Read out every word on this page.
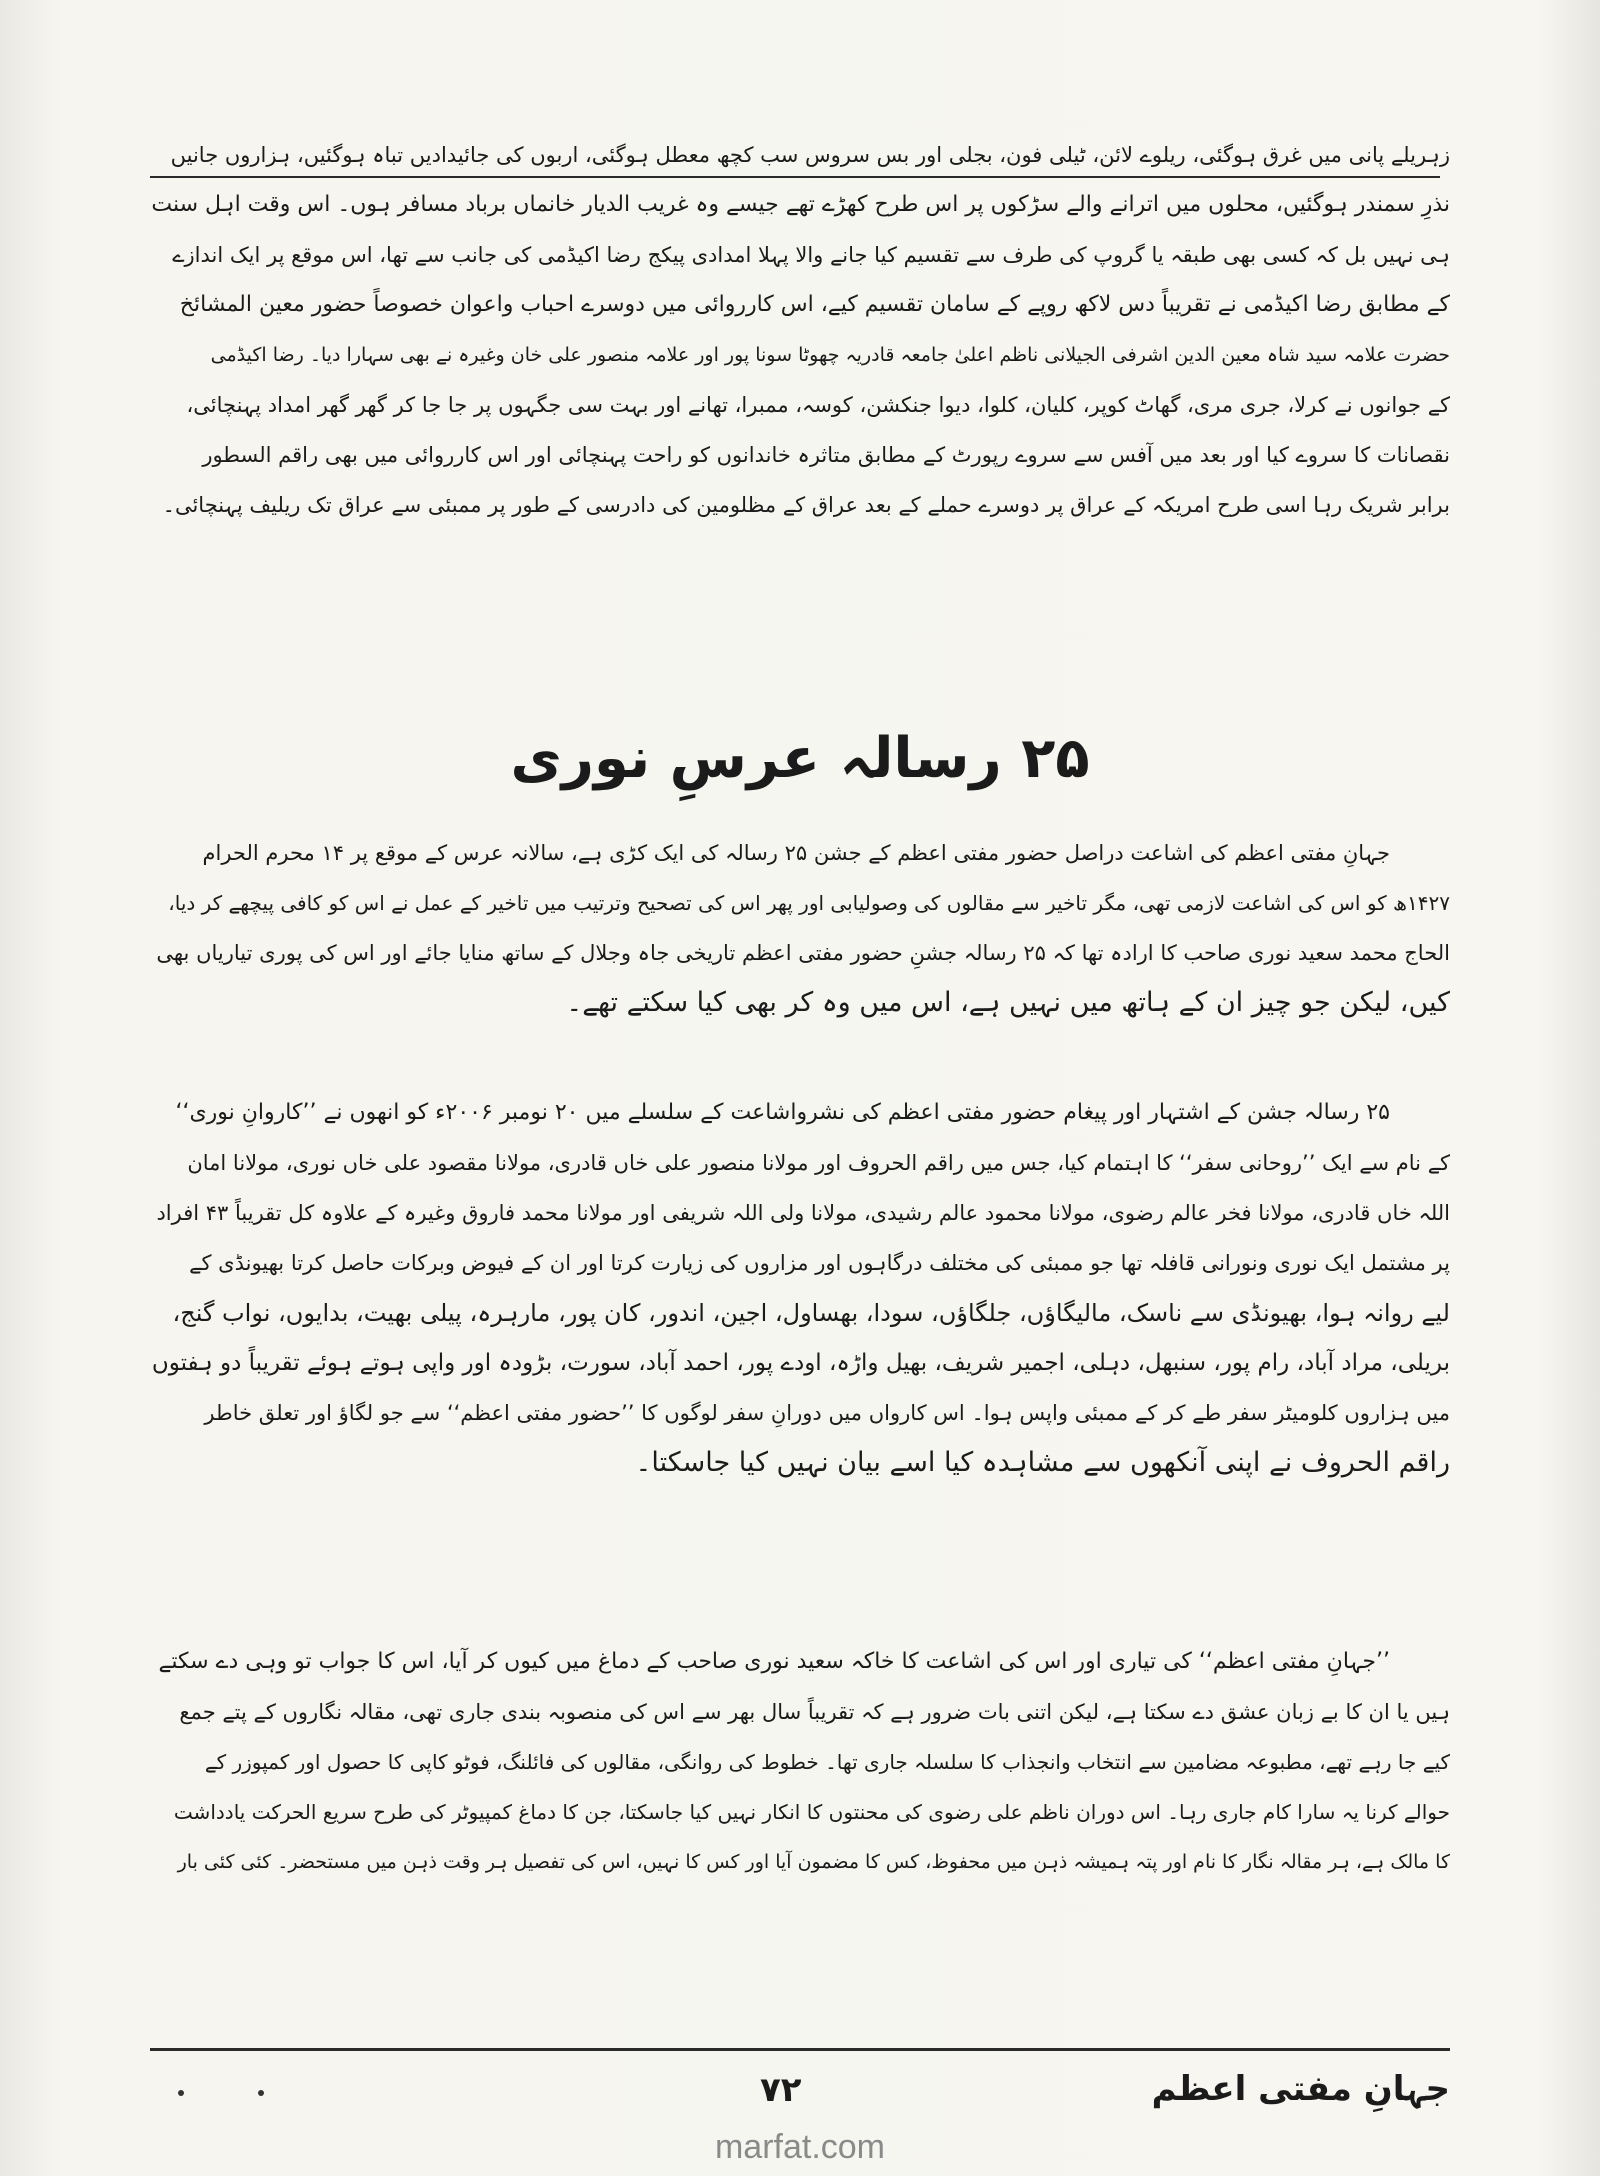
زہریلے پانی میں غرق ہوگئی، ریلوے لائن، ٹیلی فون، بجلی اور بس سروس سب کچھ معطل ہوگئی، اربوں کی جائیدادیں تباہ ہوگئیں، ہزاروں جانیں
نذرِ سمندر ہوگئیں، محلوں میں اترانے والے سڑکوں پر اس طرح کھڑے تھے جیسے وہ غریب الدیار خانماں برباد مسافر ہوں۔ اس وقت اہل سنت
ہی نہیں بل کہ کسی بھی طبقہ یا گروپ کی طرف سے تقسیم کیا جانے والا پہلا امدادی پیکج رضا اکیڈمی کی جانب سے تھا، اس موقع پر ایک اندازے
کے مطابق رضا اکیڈمی نے تقریباً دس لاکھ روپے کے سامان تقسیم کیے، اس کارروائی میں دوسرے احباب واعوان خصوصاً حضور معین المشائخ
حضرت علامہ سید شاہ معین الدین اشرفی الجیلانی ناظم اعلیٰ جامعہ قادریہ چھوٹا سونا پور اور علامہ منصور علی خان وغیرہ نے بھی سہارا دیا۔ رضا اکیڈمی
کے جوانوں نے کرلا، جری مری، گھاٹ کوپر، کلیان، کلوا، دیوا جنکشن، کوسہ، ممبرا، تھانے اور بہت سی جگہوں پر جا جا کر گھر گھر امداد پہنچائی،
نقصانات کا سروے کیا اور بعد میں آفس سے سروے رپورٹ کے مطابق متاثرہ خاندانوں کو راحت پہنچائی اور اس کارروائی میں بھی راقم السطور
برابر شریک رہا اسی طرح امریکہ کے عراق پر دوسرے حملے کے بعد عراق کے مظلومین کی دادرسی کے طور پر ممبئی سے عراق تک ریلیف پہنچائی۔
۲۵ رسالہ عرسِ نوری
جہانِ مفتی اعظم کی اشاعت دراصل حضور مفتی اعظم کے جشن ۲۵ رسالہ کی ایک کڑی ہے، سالانہ عرس کے موقع پر ۱۴ محرم الحرام
۱۴۲۷ھ کو اس کی اشاعت لازمی تھی، مگر تاخیر سے مقالوں کی وصولیابی اور پھر اس کی تصحیح وترتیب میں تاخیر کے عمل نے اس کو کافی پیچھے کر دیا،
الحاج محمد سعید نوری صاحب کا ارادہ تھا کہ ۲۵ رسالہ جشنِ حضور مفتی اعظم تاریخی جاہ وجلال کے ساتھ منایا جائے اور اس کی پوری تیاریاں بھی
کیں، لیکن جو چیز ان کے ہاتھ میں نہیں ہے، اس میں وہ کر بھی کیا سکتے تھے۔
۲۵ رسالہ جشن کے اشتہار اور پیغام حضور مفتی اعظم کی نشرواشاعت کے سلسلے میں ۲۰ نومبر ۲۰۰۶ء کو انھوں نے ’’کاروانِ نوری‘‘
کے نام سے ایک ’’روحانی سفر‘‘ کا اہتمام کیا، جس میں راقم الحروف اور مولانا منصور علی خاں قادری، مولانا مقصود علی خاں نوری، مولانا امان
اللہ خاں قادری، مولانا فخر عالم رضوی، مولانا محمود عالم رشیدی، مولانا ولی اللہ شریفی اور مولانا محمد فاروق وغیرہ کے علاوہ کل تقریباً ۴۳ افراد
پر مشتمل ایک نوری ونورانی قافلہ تھا جو ممبئی کی مختلف درگاہوں اور مزاروں کی زیارت کرتا اور ان کے فیوض وبرکات حاصل کرتا بھیونڈی کے
لیے روانہ ہوا، بھیونڈی سے ناسک، مالیگاؤں، جلگاؤں، سودا، بھساول، اجین، اندور، کان پور، مارہرہ، پیلی بھیت، بدایوں، نواب گنج،
بریلی، مراد آباد، رام پور، سنبھل، دہلی، اجمیر شریف، بھیل واڑہ، اودے پور، احمد آباد، سورت، بڑودہ اور واپی ہوتے ہوئے تقریباً دو ہفتوں
میں ہزاروں کلومیٹر سفر طے کر کے ممبئی واپس ہوا۔ اس کارواں میں دورانِ سفر لوگوں کا ’’حضور مفتی اعظم‘‘ سے جو لگاؤ اور تعلق خاطر
راقم الحروف نے اپنی آنکھوں سے مشاہدہ کیا اسے بیان نہیں کیا جاسکتا۔
’’جہانِ مفتی اعظم‘‘ کی تیاری اور اس کی اشاعت کا خاکہ سعید نوری صاحب کے دماغ میں کیوں کر آیا، اس کا جواب تو وہی دے سکتے
ہیں یا ان کا بے زبان عشق دے سکتا ہے، لیکن اتنی بات ضرور ہے کہ تقریباً سال بھر سے اس کی منصوبہ بندی جاری تھی، مقالہ نگاروں کے پتے جمع
کیے جا رہے تھے، مطبوعہ مضامین سے انتخاب وانجذاب کا سلسلہ جاری تھا۔ خطوط کی روانگی، مقالوں کی فائلنگ، فوٹو کاپی کا حصول اور کمپوزر کے
حوالے کرنا یہ سارا کام جاری رہا۔ اس دوران ناظم علی رضوی کی محنتوں کا انکار نہیں کیا جاسکتا، جن کا دماغ کمپیوٹر کی طرح سریع الحرکت یادداشت
کا مالک ہے، ہر مقالہ نگار کا نام اور پتہ ہمیشہ ذہن میں محفوظ، کس کا مضمون آیا اور کس کا نہیں، اس کی تفصیل ہر وقت ذہن میں مستحضر۔ کئی کئی بار
جہانِ مفتی اعظم
۷۲
marfat.com
